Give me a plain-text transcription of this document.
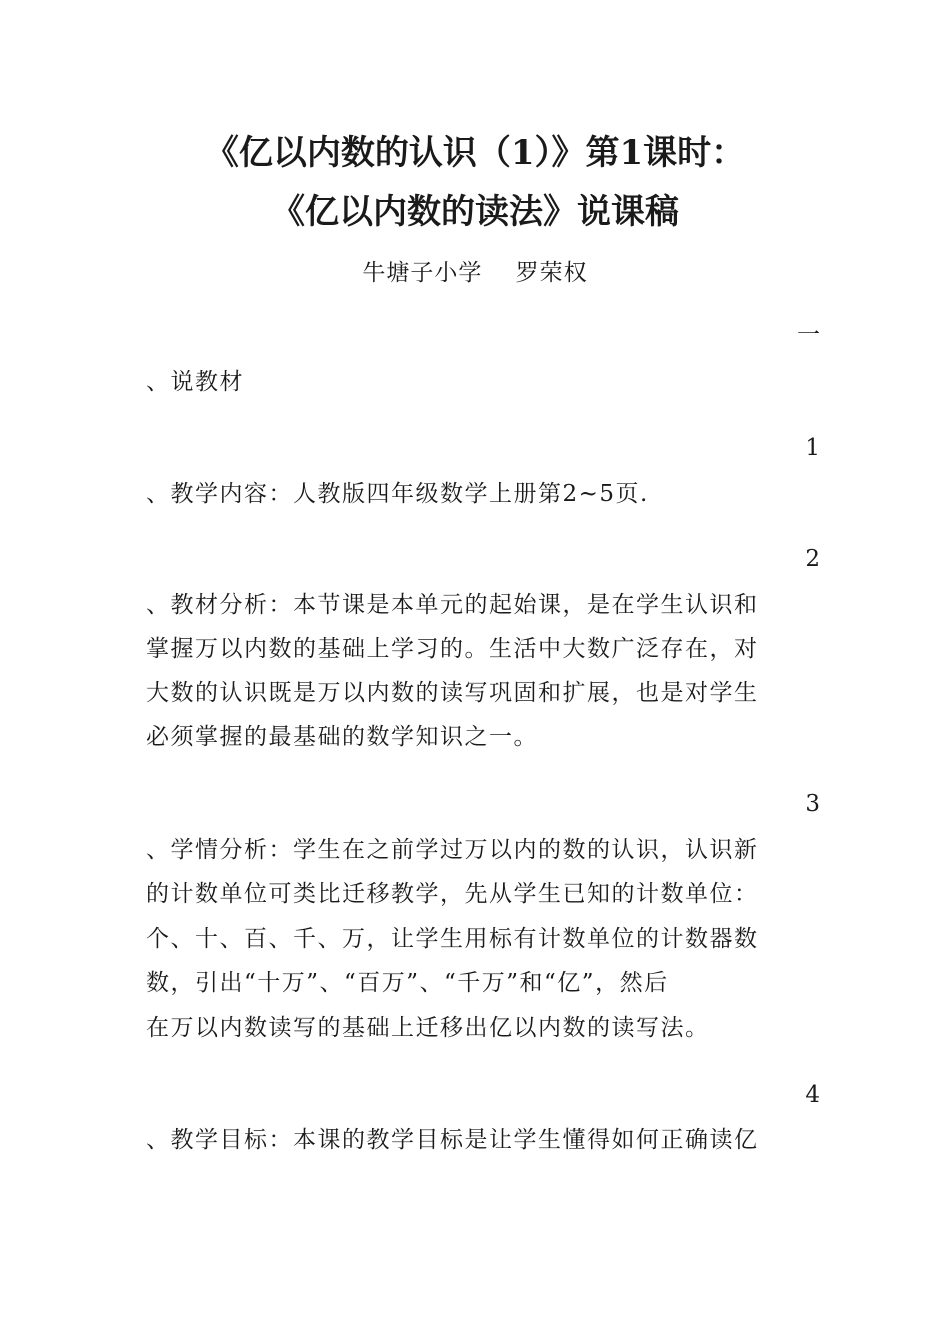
《亿以内数的认识（1）》第1课时：
《亿以内数的读法》说课稿
牛塘子小学    罗荣权
一
、说教材
1
、教学内容：人教版四年级数学上册第2~5页.
2
、教材分析：本节课是本单元的起始课，是在学生认识和
掌握万以内数的基础上学习的。生活中大数广泛存在，对
大数的认识既是万以内数的读写巩固和扩展，也是对学生
必须掌握的最基础的数学知识之一。
3
、学情分析：学生在之前学过万以内的数的认识，认识新
的计数单位可类比迁移教学，先从学生已知的计数单位：
个、十、百、千、万，让学生用标有计数单位的计数器数
数，引出“十万”、“百万”、“千万”和“亿”，然后
在万以内数读写的基础上迁移出亿以内数的读写法。
4
、教学目标：本课的教学目标是让学生懂得如何正确读亿
